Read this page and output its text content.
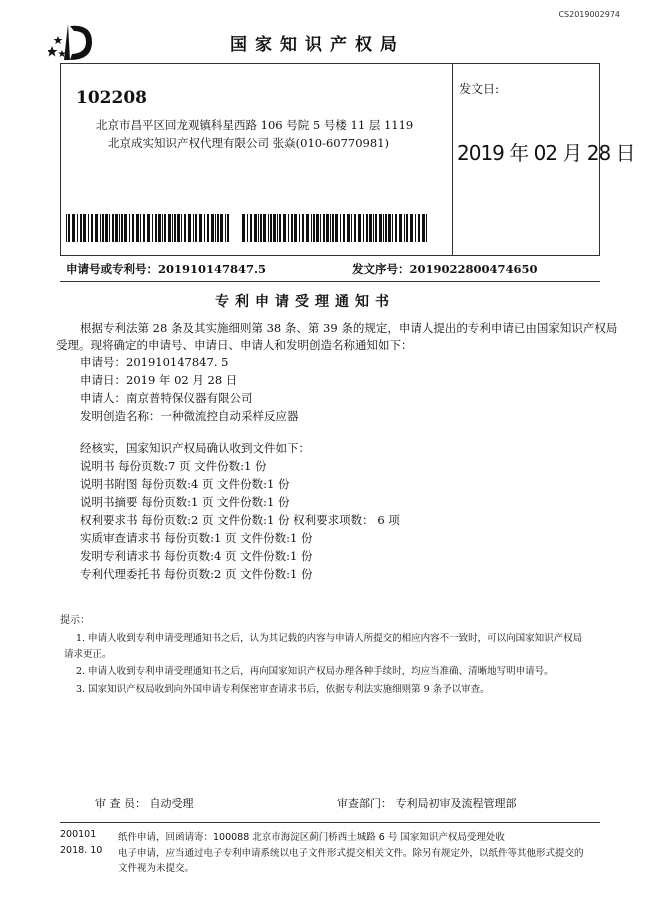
CS2019002974
国家知识产权局
102208
北京市昌平区回龙观镇科星西路 106 号院 5 号楼 11 层 1119
北京成实知识产权代理有限公司 张焱(010-60770981)
发文日:
2019 年 02 月 28 日
申请号或专利号：201910147847.5	发文序号：2019022800474650
专利申请受理通知书
根据专利法第 28 条及其实施细则第 38 条、第 39 条的规定，申请人提出的专利申请已由国家知识产权局
受理。现将确定的申请号、申请日、申请人和发明创造名称通知如下：
申请号：201910147847. 5
申请日：2019 年 02 月 28 日
申请人：南京普特保仪器有限公司
发明创造名称：一种微流控自动采样反应器
经核实，国家知识产权局确认收到文件如下：
说明书 每份页数:7 页 文件份数:1 份
说明书附图 每份页数:4 页 文件份数:1 份
说明书摘要 每份页数:1 页 文件份数:1 份
权利要求书 每份页数:2 页 文件份数:1 份 权利要求项数： 6 项
实质审查请求书 每份页数:1 页 文件份数:1 份
发明专利请求书 每份页数:4 页 文件份数:1 份
专利代理委托书 每份页数:2 页 文件份数:1 份
提示：
1. 申请人收到专利申请受理通知书之后，认为其记载的内容与申请人所提交的相应内容不一致时，可以向国家知识产权局
请求更正。
2. 申请人收到专利申请受理通知书之后，再向国家知识产权局办理各种手续时，均应当准确、清晰地写明申请号。
3. 国家知识产权局收到向外国申请专利保密审查请求书后，依据专利法实施细则第 9 条予以审查。
审 查 员： 自动受理	审查部门： 专利局初审及流程管理部
200101
2018. 10
纸件申请，回函请寄：100088 北京市海淀区蓟门桥西土城路 6 号 国家知识产权局受理处收
电子申请，应当通过电子专利申请系统以电子文件形式提交相关文件。除另有规定外，以纸件等其他形式提交的
文件视为未提交。
